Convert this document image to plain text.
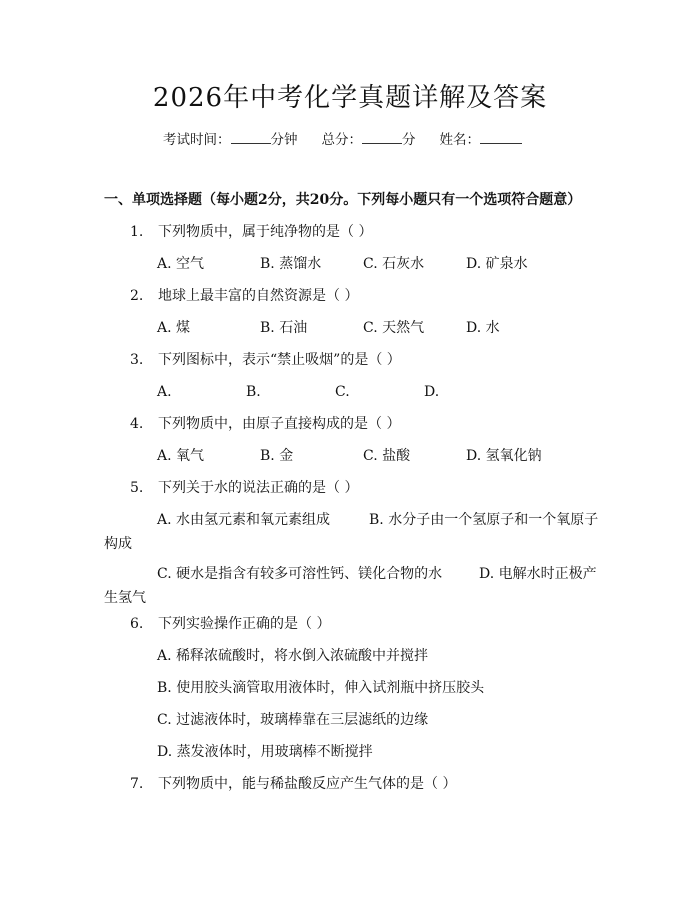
2026年中考化学真题详解及答案
考试时间：	分钟 总分：	分 姓名：
一、单项选择题（每小题2分，共20分。下列每小题只有一个选项符合题意）
1. 下列物质中，属于纯净物的是（ ）
A. 空气	B. 蒸馏水	C. 石灰水	D. 矿泉水
2. 地球上最丰富的自然资源是（ ）
A. 煤	B. 石油	C. 天然气	D. 水
3. 下列图标中，表示“禁止吸烟”的是（ ）
A.	B.	C.	D.
4. 下列物质中，由原子直接构成的是（ ）
A. 氧气	B. 金	C. 盐酸	D. 氢氧化钠
5. 下列关于水的说法正确的是（ ）
A. 水由氢元素和氧元素组成	B. 水分子由一个氢原子和一个氧原子
构成
C. 硬水是指含有较多可溶性钙、镁化合物的水	D. 电解水时正极产
生氢气
6. 下列实验操作正确的是（ ）
A. 稀释浓硫酸时，将水倒入浓硫酸中并搅拌
B. 使用胶头滴管取用液体时，伸入试剂瓶中挤压胶头
C. 过滤液体时，玻璃棒靠在三层滤纸的边缘
D. 蒸发液体时，用玻璃棒不断搅拌
7. 下列物质中，能与稀盐酸反应产生气体的是（ ）
